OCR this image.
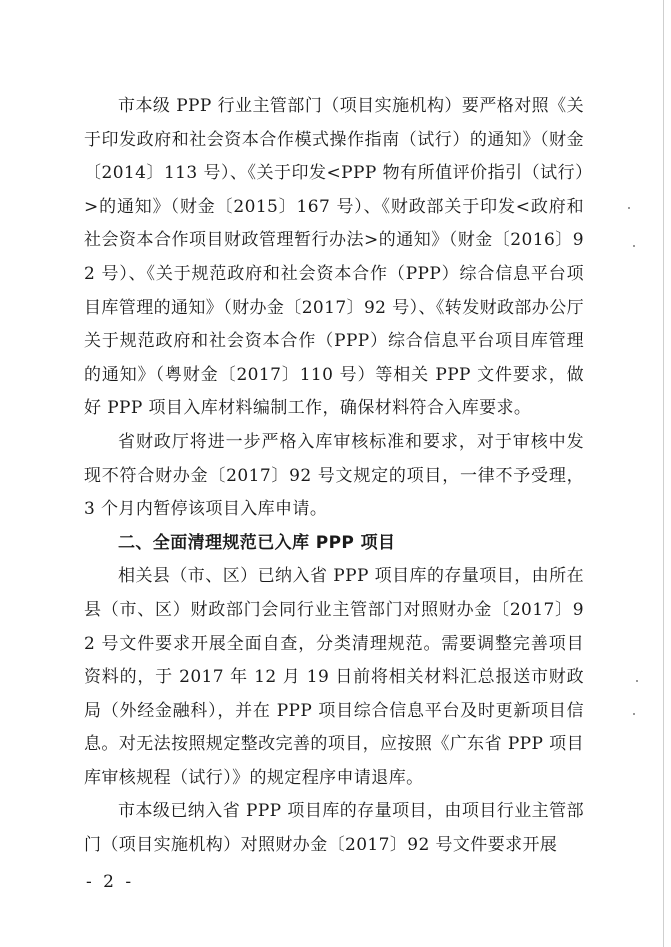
市本级 PPP 行业主管部门（项目实施机构）要严格对照《关于印发政府和社会资本合作模式操作指南（试行）的通知》（财金〔2014〕113 号）、《关于印发<PPP 物有所值评价指引（试行）>的通知》（财金〔2015〕167 号）、《财政部关于印发<政府和社会资本合作项目财政管理暂行办法>的通知》（财金〔2016〕92 号）、《关于规范政府和社会资本合作（PPP）综合信息平台项目库管理的通知》（财办金〔2017〕92 号）、《转发财政部办公厅关于规范政府和社会资本合作（PPP）综合信息平台项目库管理的通知》（粤财金〔2017〕110 号）等相关 PPP 文件要求，做好 PPP 项目入库材料编制工作，确保材料符合入库要求。

省财政厅将进一步严格入库审核标准和要求，对于审核中发现不符合财办金〔2017〕92 号文规定的项目，一律不予受理，3 个月内暂停该项目入库申请。

二、全面清理规范已入库 PPP 项目

相关县（市、区）已纳入省 PPP 项目库的存量项目，由所在县（市、区）财政部门会同行业主管部门对照财办金〔2017〕92 号文件要求开展全面自查，分类清理规范。需要调整完善项目资料的，于 2017 年 12 月 19 日前将相关材料汇总报送市财政局（外经金融科），并在 PPP 项目综合信息平台及时更新项目信息。对无法按照规定整改完善的项目，应按照《广东省 PPP 项目库审核规程（试行）》的规定程序申请退库。

市本级已纳入省 PPP 项目库的存量项目，由项目行业主管部门（项目实施机构）对照财办金〔2017〕92 号文件要求开展

- 2 -
